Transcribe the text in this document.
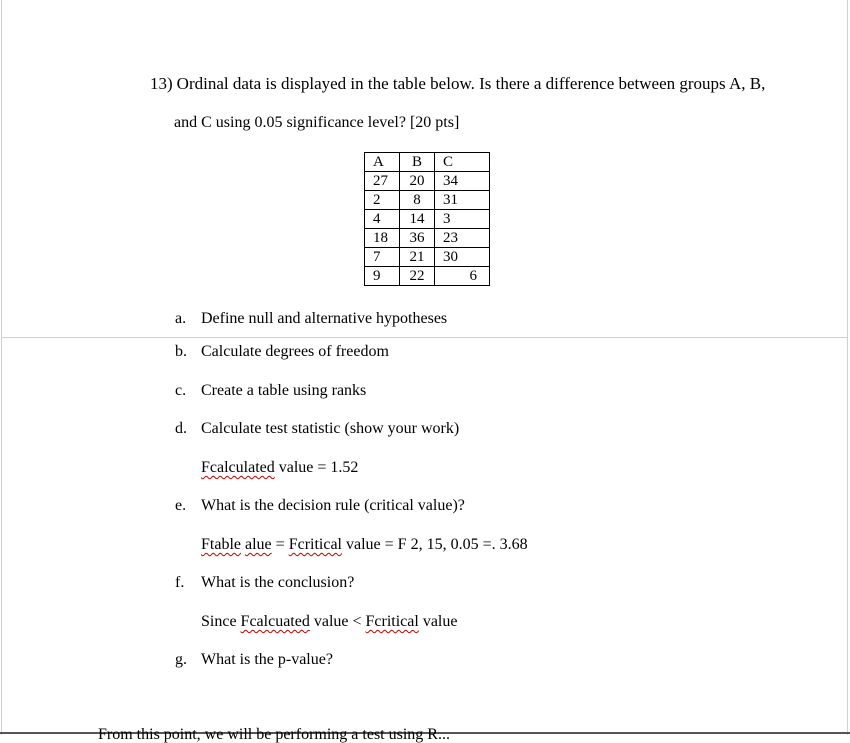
13) Ordinal data is displayed in the table below. Is there a difference between groups A, B,
and C using 0.05 significance level? [20 pts]
A	B	C
27	20	34
2	8	31
4	14	3
18	36	23
7	21	30
9	22	6
a. Define null and alternative hypotheses
b. Calculate degrees of freedom
c. Create a table using ranks
d. Calculate test statistic (show your work)
Fcalculated value = 1.52
e. What is the decision rule (critical value)?
Ftable alue = Fcritical value = F 2, 15, 0.05 =. 3.68
f. What is the conclusion?
Since Fcalcuated value < Fcritical value
g. What is the p-value?
From this point, we will be performing a test using R...
